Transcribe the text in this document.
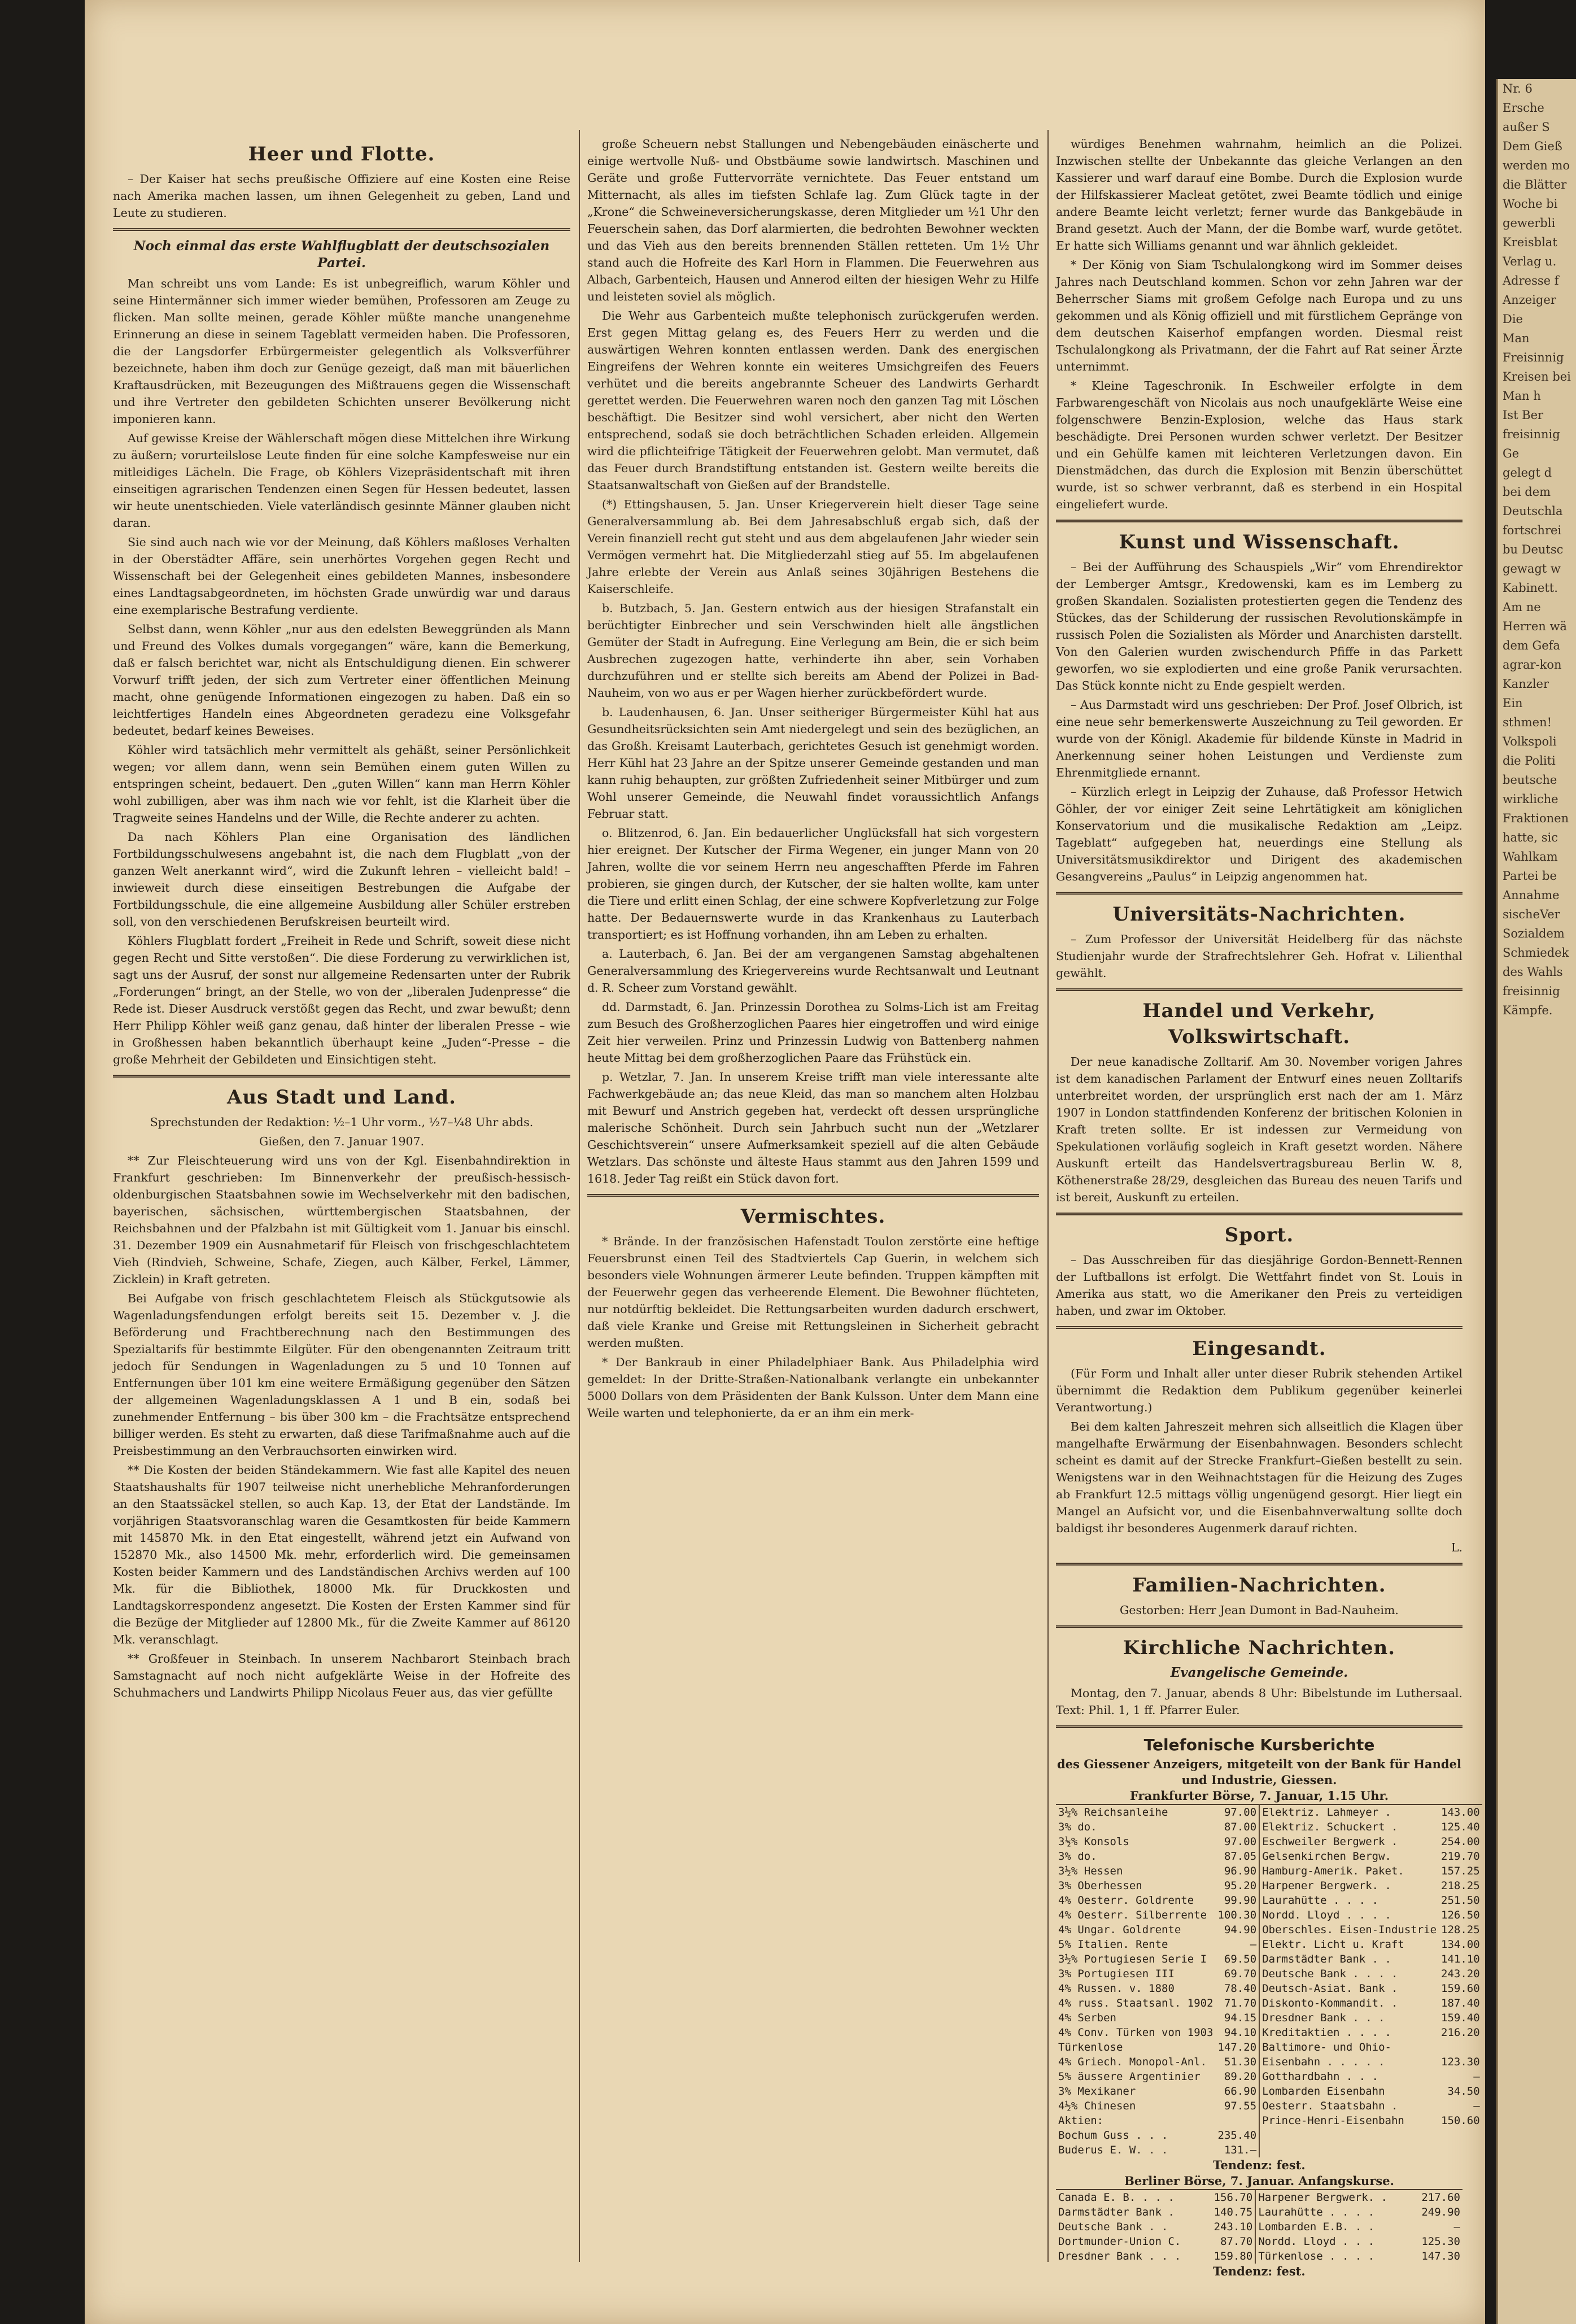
Heer und Flotte.

– Der Kaiser hat sechs preußische Offiziere auf eine Kosten eine Reise nach Amerika machen lassen, um ihnen Gelegenheit zu geben, Land und Leute zu studieren.

Noch einmal das erste Wahlflugblatt der deutschsozialen Partei.

Man schreibt uns vom Lande: Es ist unbegreiflich, warum Köhler und seine Hintermänner sich immer wieder bemühen, Professoren am Zeuge zu flicken. Man sollte meinen, gerade Köhler müßte manche unangenehme Erinnerung an diese in seinem Tageblatt vermeiden haben. Die Professoren, die der Langsdorfer Erbürgermeister gelegentlich als Volksverführer bezeichnete, haben ihm doch zur Genüge gezeigt, daß man mit bäuerlichen Kraftausdrücken, mit Bezeugungen des Mißtrauens gegen die Wissenschaft und ihre Vertreter den gebildeten Schichten unserer Bevölkerung nicht imponieren kann.

Auf gewisse Kreise der Wählerschaft mögen diese Mittelchen ihre Wirkung zu äußern; vorurteilslose Leute finden für eine solche Kampfesweise nur ein mitleidiges Lächeln. Die Frage, ob Köhlers Vizepräsidentschaft mit ihren einseitigen agrarischen Tendenzen einen Segen für Hessen bedeutet, lassen wir heute unentschieden. Viele vaterländisch gesinnte Männer glauben nicht daran.

Sie sind auch nach wie vor der Meinung, daß Köhlers maßloses Verhalten in der Oberstädter Affäre, sein unerhörtes Vorgehen gegen Recht und Wissenschaft bei der Gelegenheit eines gebildeten Mannes, insbesondere eines Landtagsabgeordneten, im höchsten Grade unwürdig war und daraus eine exemplarische Bestrafung verdiente.

Selbst dann, wenn Köhler „nur aus den edelsten Beweggründen als Mann und Freund des Volkes dumals vorgegangen“ wäre, kann die Bemerkung, daß er falsch berichtet war, nicht als Entschuldigung dienen. Ein schwerer Vorwurf trifft jeden, der sich zum Vertreter einer öffentlichen Meinung macht, ohne genügende Informationen eingezogen zu haben. Daß ein so leichtfertiges Handeln eines Abgeordneten geradezu eine Volksgefahr bedeutet, bedarf keines Beweises.

Köhler wird tatsächlich mehr vermittelt als gehäßt, seiner Persönlichkeit wegen; vor allem dann, wenn sein Bemühen einem guten Willen zu entspringen scheint, bedauert. Den „guten Willen“ kann man Herrn Köhler wohl zubilligen, aber was ihm nach wie vor fehlt, ist die Klarheit über die Tragweite seines Handelns und der Wille, die Rechte anderer zu achten.

Da nach Köhlers Plan eine Organisation des ländlichen Fortbildungsschulwesens angebahnt ist, die nach dem Flugblatt „von der ganzen Welt anerkannt wird“, wird die Zukunft lehren – vielleicht bald! – inwieweit durch diese einseitigen Bestrebungen die Aufgabe der Fortbildungsschule, die eine allgemeine Ausbildung aller Schüler erstreben soll, von den verschiedenen Berufskreisen beurteilt wird.

Köhlers Flugblatt fordert „Freiheit in Rede und Schrift, soweit diese nicht gegen Recht und Sitte verstoßen“. Die diese Forderung zu verwirklichen ist, sagt uns der Ausruf, der sonst nur allgemeine Redensarten unter der Rubrik „Forderungen“ bringt, an der Stelle, wo von der „liberalen Judenpresse“ die Rede ist. Dieser Ausdruck verstößt gegen das Recht, und zwar bewußt; denn Herr Philipp Köhler weiß ganz genau, daß hinter der liberalen Presse – wie in Großhessen haben bekanntlich überhaupt keine „Juden“-Presse – die große Mehrheit der Gebildeten und Einsichtigen steht.

Aus Stadt und Land.

Sprechstunden der Redaktion: ½–1 Uhr vorm., ½7–¼8 Uhr abds.

Gießen, den 7. Januar 1907.

** Zur Fleischteuerung wird uns von der Kgl. Eisenbahndirektion in Frankfurt geschrieben: Im Binnenverkehr der preußisch-hessisch-oldenburgischen Staatsbahnen sowie im Wechselverkehr mit den badischen, bayerischen, sächsischen, württembergischen Staatsbahnen, der Reichsbahnen und der Pfalzbahn ist mit Gültigkeit vom 1. Januar bis einschl. 31. Dezember 1909 ein Ausnahmetarif für Fleisch von frischgeschlachtetem Vieh (Rindvieh, Schweine, Schafe, Ziegen, auch Kälber, Ferkel, Lämmer, Zicklein) in Kraft getreten.

Bei Aufgabe von frisch geschlachtetem Fleisch als Stückgutsowie als Wagenladungsfendungen erfolgt bereits seit 15. Dezember v. J. die Beförderung und Frachtberechnung nach den Bestimmungen des Spezialtarifs für bestimmte Eilgüter. Für den obengenannten Zeitraum tritt jedoch für Sendungen in Wagenladungen zu 5 und 10 Tonnen auf Entfernungen über 101 km eine weitere Ermäßigung gegenüber den Sätzen der allgemeinen Wagenladungsklassen A 1 und B ein, sodaß bei zunehmender Entfernung – bis über 300 km – die Frachtsätze entsprechend billiger werden. Es steht zu erwarten, daß diese Tarifmaßnahme auch auf die Preisbestimmung an den Verbrauchsorten einwirken wird.

** Die Kosten der beiden Ständekammern. Wie fast alle Kapitel des neuen Staatshaushalts für 1907 teilweise nicht unerhebliche Mehranforderungen an den Staatssäckel stellen, so auch Kap. 13, der Etat der Landstände. Im vorjährigen Staatsvoranschlag waren die Gesamtkosten für beide Kammern mit 145870 Mk. in den Etat eingestellt, während jetzt ein Aufwand von 152870 Mk., also 14500 Mk. mehr, erforderlich wird. Die gemeinsamen Kosten beider Kammern und des Landständischen Archivs werden auf 100 Mk. für die Bibliothek, 18000 Mk. für Druckkosten und Landtagskorrespondenz angesetzt. Die Kosten der Ersten Kammer sind für die Bezüge der Mitglieder auf 12800 Mk., für die Zweite Kammer auf 86120 Mk. veranschlagt.

** Großfeuer in Steinbach. In unserem Nachbarort Steinbach brach Samstagnacht auf noch nicht aufgeklärte Weise in der Hofreite des Schuhmachers und Landwirts Philipp Nicolaus Feuer aus, das vier gefüllte

große Scheuern nebst Stallungen und Nebengebäuden einäscherte und einige wertvolle Nuß- und Obstbäume sowie landwirtsch. Maschinen und Geräte und große Futtervorräte vernichtete. Das Feuer entstand um Mitternacht, als alles im tiefsten Schlafe lag. Zum Glück tagte in der „Krone“ die Schweineversicherungskasse, deren Mitglieder um ½1 Uhr den Feuerschein sahen, das Dorf alarmierten, die bedrohten Bewohner weckten und das Vieh aus den bereits brennenden Ställen retteten. Um 1½ Uhr stand auch die Hofreite des Karl Horn in Flammen. Die Feuerwehren aus Albach, Garbenteich, Hausen und Annerod eilten der hiesigen Wehr zu Hilfe und leisteten soviel als möglich.

Die Wehr aus Garbenteich mußte telephonisch zurückgerufen werden. Erst gegen Mittag gelang es, des Feuers Herr zu werden und die auswärtigen Wehren konnten entlassen werden. Dank des energischen Eingreifens der Wehren konnte ein weiteres Umsichgreifen des Feuers verhütet und die bereits angebrannte Scheuer des Landwirts Gerhardt gerettet werden. Die Feuerwehren waren noch den ganzen Tag mit Löschen beschäftigt. Die Besitzer sind wohl versichert, aber nicht den Werten entsprechend, sodaß sie doch beträchtlichen Schaden erleiden. Allgemein wird die pflichteifrige Tätigkeit der Feuerwehren gelobt. Man vermutet, daß das Feuer durch Brandstiftung entstanden ist. Gestern weilte bereits die Staatsanwaltschaft von Gießen auf der Brandstelle.

(*) Ettingshausen, 5. Jan. Unser Kriegerverein hielt dieser Tage seine Generalversammlung ab. Bei dem Jahresabschluß ergab sich, daß der Verein finanziell recht gut steht und aus dem abgelaufenen Jahr wieder sein Vermögen vermehrt hat. Die Mitgliederzahl stieg auf 55. Im abgelaufenen Jahre erlebte der Verein aus Anlaß seines 30jährigen Bestehens die Kaiserschleife.

b. Butzbach, 5. Jan. Gestern entwich aus der hiesigen Strafanstalt ein berüchtigter Einbrecher und sein Verschwinden hielt alle ängstlichen Gemüter der Stadt in Aufregung. Eine Verlegung am Bein, die er sich beim Ausbrechen zugezogen hatte, verhinderte ihn aber, sein Vorhaben durchzuführen und er stellte sich bereits am Abend der Polizei in Bad-Nauheim, von wo aus er per Wagen hierher zurückbefördert wurde.

b. Laudenhausen, 6. Jan. Unser seitheriger Bürgermeister Kühl hat aus Gesundheitsrücksichten sein Amt niedergelegt und sein des bezüglichen, an das Großh. Kreisamt Lauterbach, gerichtetes Gesuch ist genehmigt worden. Herr Kühl hat 23 Jahre an der Spitze unserer Gemeinde gestanden und man kann ruhig behaupten, zur größten Zufriedenheit seiner Mitbürger und zum Wohl unserer Gemeinde, die Neuwahl findet voraussichtlich Anfangs Februar statt.

o. Blitzenrod, 6. Jan. Ein bedauerlicher Unglücksfall hat sich vorgestern hier ereignet. Der Kutscher der Firma Wegener, ein junger Mann von 20 Jahren, wollte die vor seinem Herrn neu angeschafften Pferde im Fahren probieren, sie gingen durch, der Kutscher, der sie halten wollte, kam unter die Tiere und erlitt einen Schlag, der eine schwere Kopfverletzung zur Folge hatte. Der Bedauernswerte wurde in das Krankenhaus zu Lauterbach transportiert; es ist Hoffnung vorhanden, ihn am Leben zu erhalten.

a. Lauterbach, 6. Jan. Bei der am vergangenen Samstag abgehaltenen Generalversammlung des Kriegervereins wurde Rechtsanwalt und Leutnant d. R. Scheer zum Vorstand gewählt.

dd. Darmstadt, 6. Jan. Prinzessin Dorothea zu Solms-Lich ist am Freitag zum Besuch des Großherzoglichen Paares hier eingetroffen und wird einige Zeit hier verweilen. Prinz und Prinzessin Ludwig von Battenberg nahmen heute Mittag bei dem großherzoglichen Paare das Frühstück ein.

p. Wetzlar, 7. Jan. In unserem Kreise trifft man viele interessante alte Fachwerkgebäude an; das neue Kleid, das man so manchem alten Holzbau mit Bewurf und Anstrich gegeben hat, verdeckt oft dessen ursprüngliche malerische Schönheit. Durch sein Jahrbuch sucht nun der „Wetzlarer Geschichtsverein“ unsere Aufmerksamkeit speziell auf die alten Gebäude Wetzlars. Das schönste und älteste Haus stammt aus den Jahren 1599 und 1618. Jeder Tag reißt ein Stück davon fort.

Vermischtes.

* Brände. In der französischen Hafenstadt Toulon zerstörte eine heftige Feuersbrunst einen Teil des Stadtviertels Cap Guerin, in welchem sich besonders viele Wohnungen ärmerer Leute befinden. Truppen kämpften mit der Feuerwehr gegen das verheerende Element. Die Bewohner flüchteten, nur notdürftig bekleidet. Die Rettungsarbeiten wurden dadurch erschwert, daß viele Kranke und Greise mit Rettungsleinen in Sicherheit gebracht werden mußten.

* Der Bankraub in einer Philadelphiaer Bank. Aus Philadelphia wird gemeldet: In der Dritte-Straßen-Nationalbank verlangte ein unbekannter 5000 Dollars von dem Präsidenten der Bank Kulsson. Unter dem Mann eine Weile warten und telephonierte, da er an ihm ein merk-

würdiges Benehmen wahrnahm, heimlich an die Polizei. Inzwischen stellte der Unbekannte das gleiche Verlangen an den Kassierer und warf darauf eine Bombe. Durch die Explosion wurde der Hilfskassierer Macleat getötet, zwei Beamte tödlich und einige andere Beamte leicht verletzt; ferner wurde das Bankgebäude in Brand gesetzt. Auch der Mann, der die Bombe warf, wurde getötet. Er hatte sich Williams genannt und war ähnlich gekleidet.

* Der König von Siam Tschulalongkong wird im Sommer deises Jahres nach Deutschland kommen. Schon vor zehn Jahren war der Beherrscher Siams mit großem Gefolge nach Europa und zu uns gekommen und als König offiziell und mit fürstlichem Gepränge von dem deutschen Kaiserhof empfangen worden. Diesmal reist Tschulalongkong als Privatmann, der die Fahrt auf Rat seiner Ärzte unternimmt.

* Kleine Tageschronik. In Eschweiler erfolgte in dem Farbwarengeschäft von Nicolais aus noch unaufgeklärte Weise eine folgenschwere Benzin-Explosion, welche das Haus stark beschädigte. Drei Personen wurden schwer verletzt. Der Besitzer und ein Gehülfe kamen mit leichteren Verletzungen davon. Ein Dienstmädchen, das durch die Explosion mit Benzin überschüttet wurde, ist so schwer verbrannt, daß es sterbend in ein Hospital eingeliefert wurde.

Kunst und Wissenschaft.

– Bei der Aufführung des Schauspiels „Wir“ vom Ehrendirektor der Lemberger Amtsgr., Kredowenski, kam es im Lemberg zu großen Skandalen. Sozialisten protestierten gegen die Tendenz des Stückes, das der Schilderung der russischen Revolutionskämpfe in russisch Polen die Sozialisten als Mörder und Anarchisten darstellt. Von den Galerien wurden zwischendurch Pfiffe in das Parkett geworfen, wo sie explodierten und eine große Panik verursachten. Das Stück konnte nicht zu Ende gespielt werden.

– Aus Darmstadt wird uns geschrieben: Der Prof. Josef Olbrich, ist eine neue sehr bemerkenswerte Auszeichnung zu Teil geworden. Er wurde von der Königl. Akademie für bildende Künste in Madrid in Anerkennung seiner hohen Leistungen und Verdienste zum Ehrenmitgliede ernannt.

– Kürzlich erlegt in Leipzig der Zuhause, daß Professor Hetwich Göhler, der vor einiger Zeit seine Lehrtätigkeit am königlichen Konservatorium und die musikalische Redaktion am „Leipz. Tageblatt“ aufgegeben hat, neuerdings eine Stellung als Universitätsmusikdirektor und Dirigent des akademischen Gesangvereins „Paulus“ in Leipzig angenommen hat.

Universitäts-Nachrichten.

– Zum Professor der Universität Heidelberg für das nächste Studienjahr wurde der Strafrechtslehrer Geh. Hofrat v. Lilienthal gewählt.

Handel und Verkehr, Volkswirtschaft.

Der neue kanadische Zolltarif. Am 30. November vorigen Jahres ist dem kanadischen Parlament der Entwurf eines neuen Zolltarifs unterbreitet worden, der ursprünglich erst nach der am 1. März 1907 in London stattfindenden Konferenz der britischen Kolonien in Kraft treten sollte. Er ist indessen zur Vermeidung von Spekulationen vorläufig sogleich in Kraft gesetzt worden. Nähere Auskunft erteilt das Handelsvertragsbureau Berlin W. 8, Köthenerstraße 28/29, desgleichen das Bureau des neuen Tarifs und ist bereit, Auskunft zu erteilen.

Sport.

– Das Ausschreiben für das diesjährige Gordon-Bennett-Rennen der Luftballons ist erfolgt. Die Wettfahrt findet von St. Louis in Amerika aus statt, wo die Amerikaner den Preis zu verteidigen haben, und zwar im Oktober.

Eingesandt.

(Für Form und Inhalt aller unter dieser Rubrik stehenden Artikel übernimmt die Redaktion dem Publikum gegenüber keinerlei Verantwortung.)

Bei dem kalten Jahreszeit mehren sich allseitlich die Klagen über mangelhafte Erwärmung der Eisenbahnwagen. Besonders schlecht scheint es damit auf der Strecke Frankfurt–Gießen bestellt zu sein. Wenigstens war in den Weihnachtstagen für die Heizung des Zuges ab Frankfurt 12.5 mittags völlig ungenügend gesorgt. Hier liegt ein Mangel an Aufsicht vor, und die Eisenbahnverwaltung sollte doch baldigst ihr besonderes Augenmerk darauf richten.

L.

Familien-Nachrichten.

Gestorben: Herr Jean Dumont in Bad-Nauheim.

Kirchliche Nachrichten.
Evangelische Gemeinde.

Montag, den 7. Januar, abends 8 Uhr: Bibelstunde im Luthersaal. Text: Phil. 1, 1 ff. Pfarrer Euler.

Telefonische Kursberichte
des Giessener Anzeigers, mitgeteilt von der Bank für Handel und Industrie, Giessen.
Frankfurter Börse, 7. Januar, 1.15 Uhr.
3½% Reichsanleihe	97.00	Elektriz. Lahmeyer .	143.00
3% do.	87.00	Elektriz. Schuckert .	125.40
3½% Konsols	97.00	Eschweiler Bergwerk .	254.00
3% do.	87.05	Gelsenkirchen Bergw.	219.70
3½% Hessen	96.90	Hamburg-Amerik. Paket.	157.25
3% Oberhessen	95.20	Harpener Bergwerk. .	218.25
4% Oesterr. Goldrente	99.90	Laurahütte . . . .	251.50
4% Oesterr. Silberrente	100.30	Nordd. Lloyd . . . .	126.50
4% Ungar. Goldrente	94.90	Oberschles. Eisen-Industrie	128.25
5% Italien. Rente	—	Elektr. Licht u. Kraft	134.00
3½% Portugiesen Serie I	69.50	Darmstädter Bank . .	141.10
3% Portugiesen III	69.70	Deutsche Bank . . . .	243.20
4% Russen. v. 1880	78.40	Deutsch-Asiat. Bank .	159.60
4% russ. Staatsanl. 1902	71.70	Diskonto-Kommandit. .	187.40
4% Serben	94.15	Dresdner Bank . . .	159.40
4% Conv. Türken von 1903	94.10	Kreditaktien . . . .	216.20
Türkenlose	147.20	Baltimore- und Ohio-	
4% Griech. Monopol-Anl.	51.30	Eisenbahn . . . . .	123.30
5% äussere Argentinier	89.20	Gotthardbahn . . .	—
3% Mexikaner	66.90	Lombarden Eisenbahn	34.50
4½% Chinesen	97.55	Oesterr. Staatsbahn .	—
Aktien:		Prince-Henri-Eisenbahn	150.60
Bochum Guss . . .	235.40		
Buderus E. W. . .	131.—		
Tendenz: fest.
Berliner Börse, 7. Januar. Anfangskurse.
Canada E. B. . . .	156.70	Harpener Bergwerk. .	217.60
Darmstädter Bank .	140.75	Laurahütte . . . .	249.90
Deutsche Bank . .	243.10	Lombarden E.B. . .	—
Dortmunder-Union C.	87.70	Nordd. Lloyd . . .	125.30
Dresdner Bank . . .	159.80	Türkenlose . . . .	147.30
Tendenz: fest.
Nr. 6
Ersche
außer S
Dem Gieß
werden mo
die Blätter
Woche bi
gewerbli
Kreisblat
Verlag u.
Adresse f
Anzeiger
Die
Man
Freisinnig
Kreisen bei
Man h
Ist Ber
freisinnig
Ge
gelegt d
bei dem
Deutschla
fortschrei
bu Deutsc
gewagt w
Kabinett.
Am ne
Herren wä
dem Gefa
agrar-kon
Kanzler
Ein
sthmen!
Volkspoli
die Politi
beutsche
wirkliche
Fraktionen
hatte, sic
Wahlkam
Partei be
Annahme
sischeVer
Sozialdem
Schmiedek
des Wahls
freisinnig
Kämpfe.
